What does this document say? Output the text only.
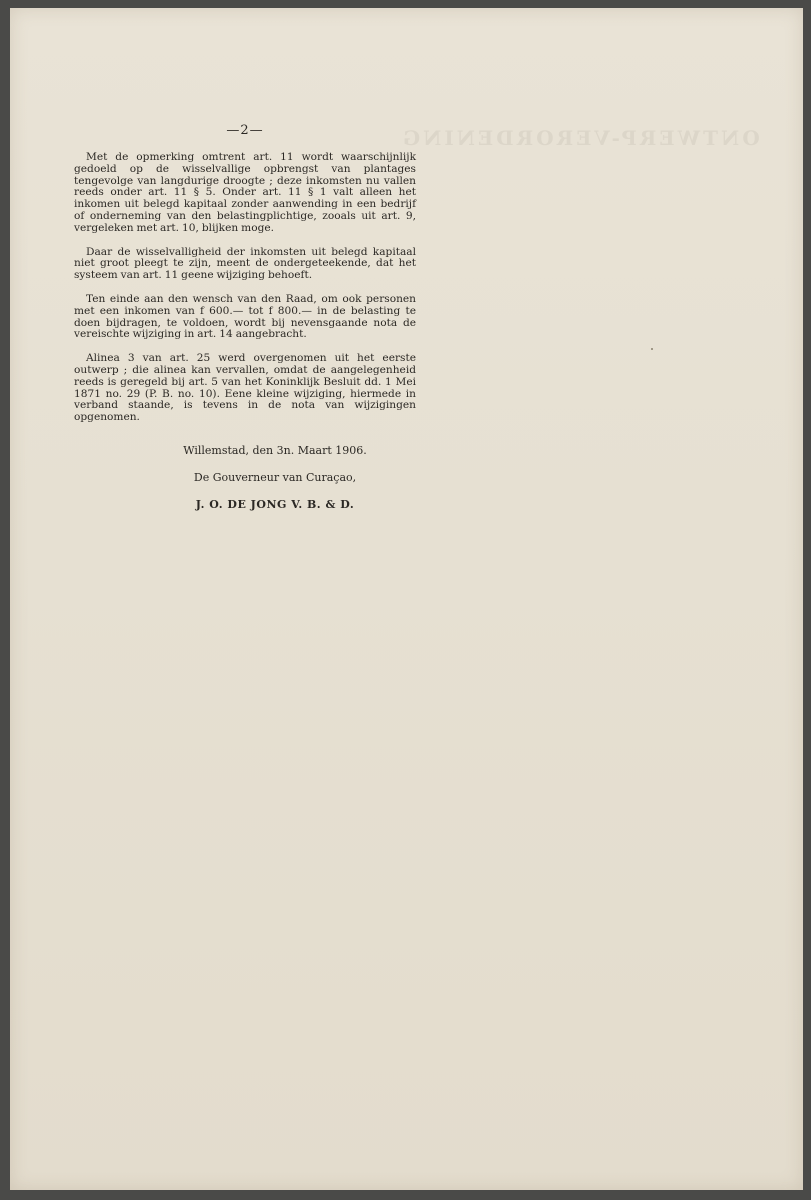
ONTWERP-VERORDENING
—2—

Met de opmerking omtrent art. 11 wordt waarschijnlijk gedoeld op de wisselvallige opbrengst van plantages tengevolge van langdurige droogte ; deze inkomsten nu vallen reeds onder art. 11 § 5. Onder art. 11 § 1 valt alleen het inkomen uit belegd kapitaal zonder aanwending in een bedrijf of onderneming van den belastingplichtige, zooals uit art. 9, vergeleken met art. 10, blijken moge.

Daar de wisselvalligheid der inkomsten uit belegd kapitaal niet groot pleegt te zijn, meent de ondergeteekende, dat het systeem van art. 11 geene wijziging behoeft.

Ten einde aan den wensch van den Raad, om ook personen met een inkomen van f 600.— tot f 800.— in de belasting te doen bijdragen, te voldoen, wordt bij nevensgaande nota de vereischte wijziging in art. 14 aangebracht.

Alinea 3 van art. 25 werd overgenomen uit het eerste outwerp ; die alinea kan vervallen, omdat de aangelegenheid reeds is geregeld bij art. 5 van het Koninklijk Besluit dd. 1 Mei 1871 no. 29 (P. B. no. 10). Eene kleine wijziging, hiermede in verband staande, is tevens in de nota van wijzigingen opgenomen.

Willemstad, den 3n. Maart 1906.

De Gouverneur van Curaçao,

J. O. DE JONG V. B. & D.
